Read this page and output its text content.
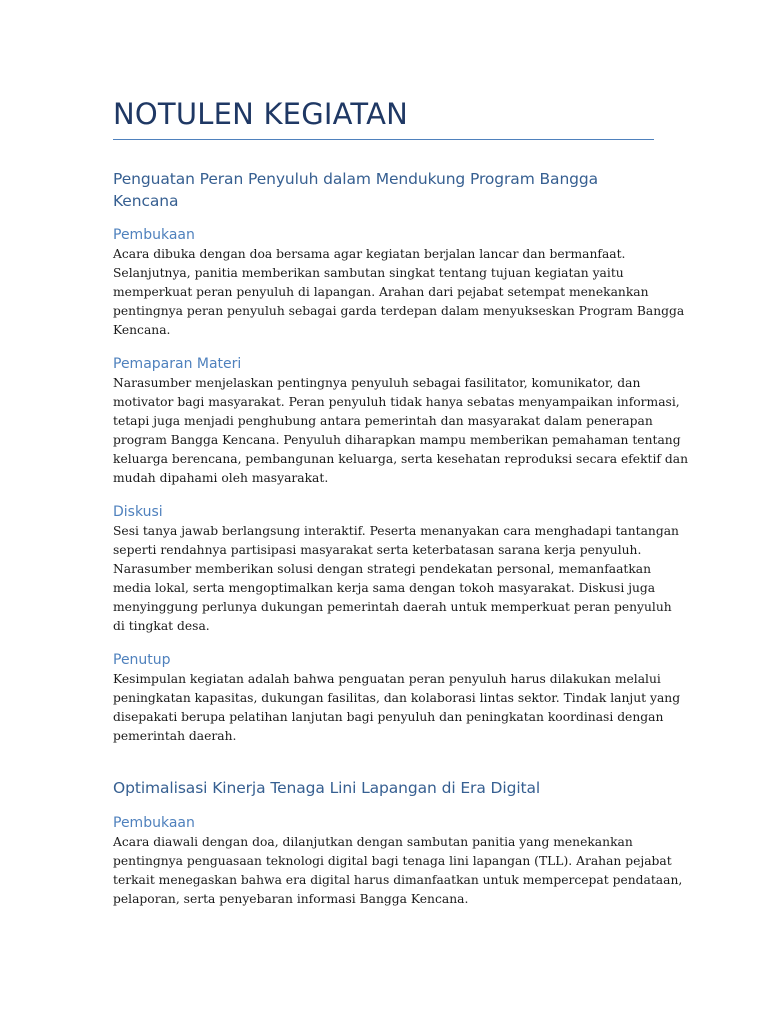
NOTULEN KEGIATAN
Penguatan Peran Penyuluh dalam Mendukung Program Bangga Kencana
Pembukaan

Acara dibuka dengan doa bersama agar kegiatan berjalan lancar dan bermanfaat.
Selanjutnya, panitia memberikan sambutan singkat tentang tujuan kegiatan yaitu
memperkuat peran penyuluh di lapangan. Arahan dari pejabat setempat menekankan
pentingnya peran penyuluh sebagai garda terdepan dalam menyukseskan Program Bangga
Kencana.

Pemaparan Materi

Narasumber menjelaskan pentingnya penyuluh sebagai fasilitator, komunikator, dan
motivator bagi masyarakat. Peran penyuluh tidak hanya sebatas menyampaikan informasi,
tetapi juga menjadi penghubung antara pemerintah dan masyarakat dalam penerapan
program Bangga Kencana. Penyuluh diharapkan mampu memberikan pemahaman tentang
keluarga berencana, pembangunan keluarga, serta kesehatan reproduksi secara efektif dan
mudah dipahami oleh masyarakat.

Diskusi

Sesi tanya jawab berlangsung interaktif. Peserta menanyakan cara menghadapi tantangan
seperti rendahnya partisipasi masyarakat serta keterbatasan sarana kerja penyuluh.
Narasumber memberikan solusi dengan strategi pendekatan personal, memanfaatkan
media lokal, serta mengoptimalkan kerja sama dengan tokoh masyarakat. Diskusi juga
menyinggung perlunya dukungan pemerintah daerah untuk memperkuat peran penyuluh
di tingkat desa.

Penutup

Kesimpulan kegiatan adalah bahwa penguatan peran penyuluh harus dilakukan melalui
peningkatan kapasitas, dukungan fasilitas, dan kolaborasi lintas sektor. Tindak lanjut yang
disepakati berupa pelatihan lanjutan bagi penyuluh dan peningkatan koordinasi dengan
pemerintah daerah.

Optimalisasi Kinerja Tenaga Lini Lapangan di Era Digital
Pembukaan

Acara diawali dengan doa, dilanjutkan dengan sambutan panitia yang menekankan
pentingnya penguasaan teknologi digital bagi tenaga lini lapangan (TLL). Arahan pejabat
terkait menegaskan bahwa era digital harus dimanfaatkan untuk mempercepat pendataan,
pelaporan, serta penyebaran informasi Bangga Kencana.
